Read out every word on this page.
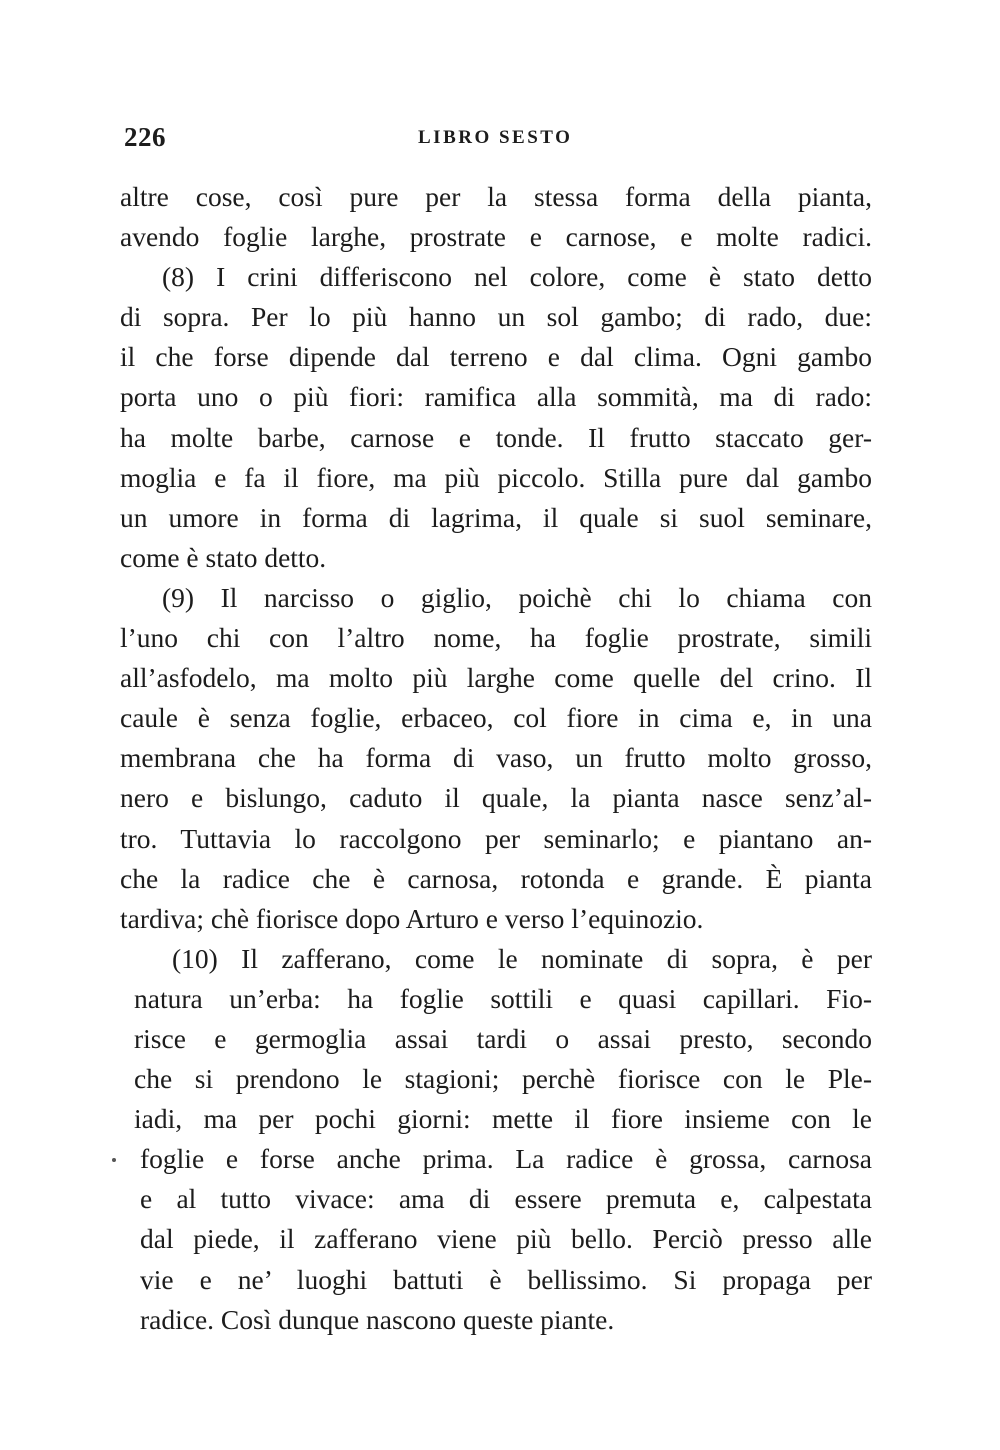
226	LIBRO SESTO
altre cose, così pure per la stessa forma della pianta,
avendo foglie larghe, prostrate e carnose, e molte radici.
(8) I crini differiscono nel colore, come è stato detto
di sopra. Per lo più hanno un sol gambo; di rado, due:
il che forse dipende dal terreno e dal clima. Ogni gambo
porta uno o più fiori: ramifica alla sommità, ma di rado:
ha molte barbe, carnose e tonde. Il frutto staccato ger-
moglia e fa il fiore, ma più piccolo. Stilla pure dal gambo
un umore in forma di lagrima, il quale si suol seminare,
come è stato detto.
(9) Il narcisso o giglio, poichè chi lo chiama con
l’uno chi con l’altro nome, ha foglie prostrate, simili
all’asfodelo, ma molto più larghe come quelle del crino. Il
caule è senza foglie, erbaceo, col fiore in cima e, in una
membrana che ha forma di vaso, un frutto molto grosso,
nero e bislungo, caduto il quale, la pianta nasce senz’al-
tro. Tuttavia lo raccolgono per seminarlo; e piantano an-
che la radice che è carnosa, rotonda e grande. È pianta
tardiva; chè fiorisce dopo Arturo e verso l’equinozio.
(10) Il zafferano, come le nominate di sopra, è per
natura un’erba: ha foglie sottili e quasi capillari. Fio-
risce e germoglia assai tardi o assai presto, secondo
che si prendono le stagioni; perchè fiorisce con le Ple-
iadi, ma per pochi giorni: mette il fiore insieme con le
foglie e forse anche prima. La radice è grossa, carnosa
e al tutto vivace: ama di essere premuta e, calpestata
dal piede, il zafferano viene più bello. Perciò presso alle
vie e ne’ luoghi battuti è bellissimo. Si propaga per
radice. Così dunque nascono queste piante.
